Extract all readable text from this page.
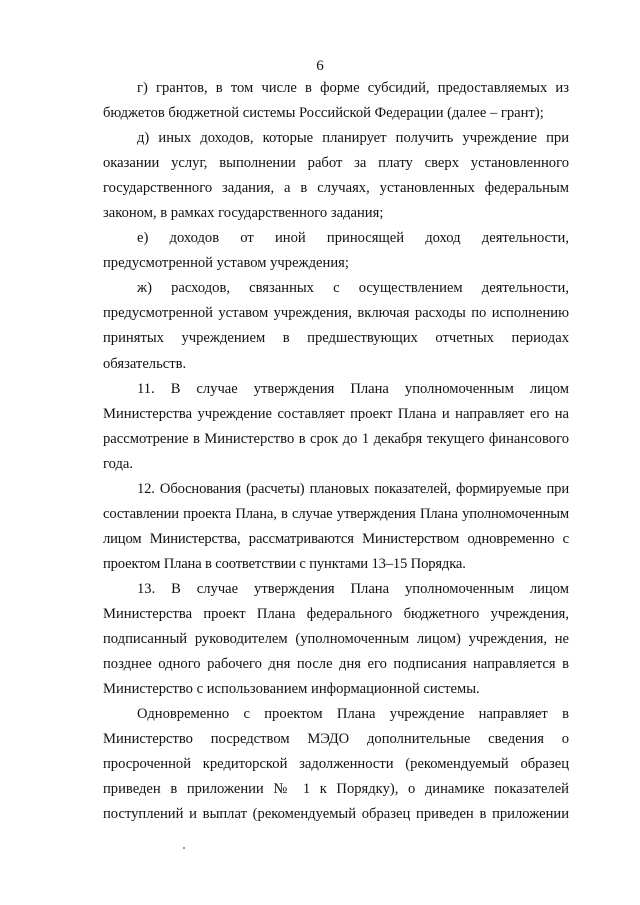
6

г) грантов, в том числе в форме субсидий, предоставляемых из бюджетов бюджетной системы Российской Федерации (далее – грант);

д) иных доходов, которые планирует получить учреждение при оказании услуг, выполнении работ за плату сверх установленного государственного задания, а в случаях, установленных федеральным законом, в рамках государственного задания;

е) доходов от иной приносящей доход деятельности, предусмотренной уставом учреждения;

ж) расходов, связанных с осуществлением деятельности, предусмотренной уставом учреждения, включая расходы по исполнению принятых учреждением в предшествующих отчетных периодах обязательств.

11. В случае утверждения Плана уполномоченным лицом Министерства учреждение составляет проект Плана и направляет его на рассмотрение в Министерство в срок до 1 декабря текущего финансового года.

12. Обоснования (расчеты) плановых показателей, формируемые при составлении проекта Плана, в случае утверждения Плана уполномоченным лицом Министерства, рассматриваются Министерством одновременно с проектом Плана в соответствии с пунктами 13–15 Порядка.

13. В случае утверждения Плана уполномоченным лицом Министерства проект Плана федерального бюджетного учреждения, подписанный руководителем (уполномоченным лицом) учреждения, не позднее одного рабочего дня после дня его подписания направляется в Министерство с использованием информационной системы.

Одновременно с проектом Плана учреждение направляет в Министерство посредством МЭДО дополнительные сведения о просроченной кредиторской задолженности (рекомендуемый образец приведен в приложении № 1 к Порядку), о динамике показателей поступлений и выплат (рекомендуемый образец приведен в приложении
